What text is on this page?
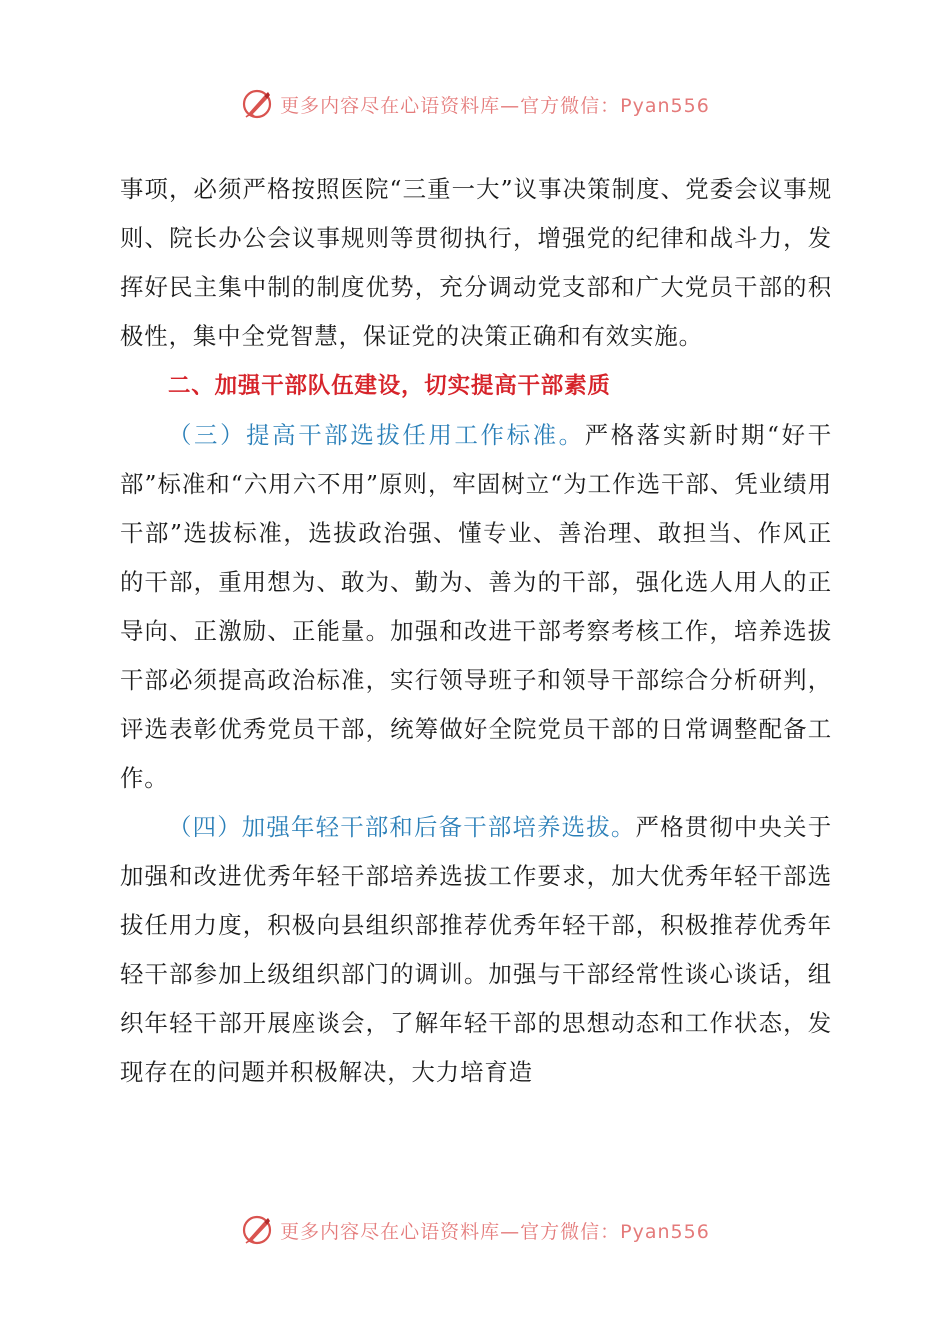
更多内容尽在心语资料库—官方微信：Pyan556

事项，必须严格按照医院“三重一大”议事决策制度、党委会议事规则、院长办公会议事规则等贯彻执行，增强党的纪律和战斗力，发挥好民主集中制的制度优势，充分调动党支部和广大党员干部的积极性，集中全党智慧，保证党的决策正确和有效实施。

二、加强干部队伍建设，切实提高干部素质

（三）提高干部选拔任用工作标准。严格落实新时期“好干部”标准和“六用六不用”原则，牢固树立“为工作选干部、凭业绩用干部”选拔标准，选拔政治强、懂专业、善治理、敢担当、作风正的干部，重用想为、敢为、勤为、善为的干部，强化选人用人的正导向、正激励、正能量。加强和改进干部考察考核工作，培养选拔干部必须提高政治标准，实行领导班子和领导干部综合分析研判，评选表彰优秀党员干部，统筹做好全院党员干部的日常调整配备工作。

（四）加强年轻干部和后备干部培养选拔。严格贯彻中央关于加强和改进优秀年轻干部培养选拔工作要求，加大优秀年轻干部选拔任用力度，积极向县组织部推荐优秀年轻干部，积极推荐优秀年轻干部参加上级组织部门的调训。加强与干部经常性谈心谈话，组织年轻干部开展座谈会，了解年轻干部的思想动态和工作状态，发现存在的问题并积极解决，大力培育造

更多内容尽在心语资料库—官方微信：Pyan556
